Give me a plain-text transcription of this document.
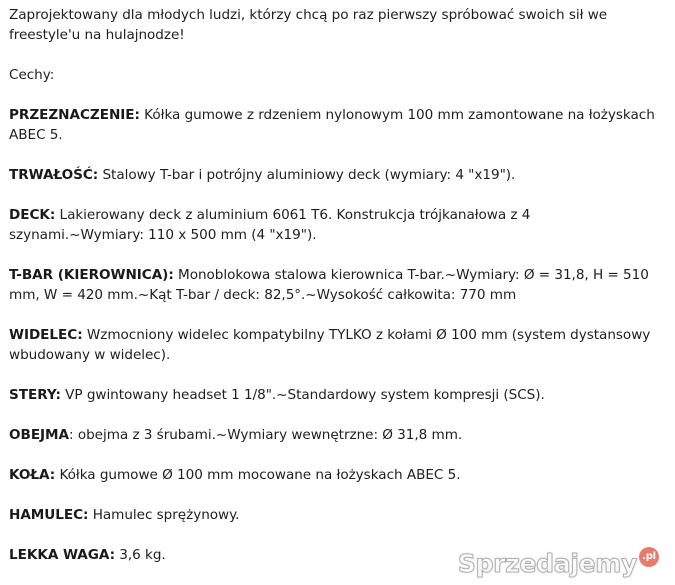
Zaprojektowany dla młodych ludzi, którzy chcą po raz pierwszy spróbować swoich sił we freestyle'u na hulajnodze!

Cechy:

PRZEZNACZENIE: Kółka gumowe z rdzeniem nylonowym 100 mm zamontowane na łożyskach ABEC 5.

TRWAŁOŚĆ: Stalowy T-bar i potrójny aluminiowy deck (wymiary: 4 "x19").

DECK: Lakierowany deck z aluminium 6061 T6. Konstrukcja trójkanałowa z 4 szynami.~Wymiary: 110 x 500 mm (4 "x19").

T-BAR (KIEROWNICA): Monoblokowa stalowa kierownica T-bar.~Wymiary: Ø = 31,8, H = 510 mm, W = 420 mm.~Kąt T-bar / deck: 82,5°.~Wysokość całkowita: 770 mm

WIDELEC: Wzmocniony widelec kompatybilny TYLKO z kołami Ø 100 mm (system dystansowy wbudowany w widelec).

STERY: VP gwintowany headset 1 1/8".~Standardowy system kompresji (SCS).

OBEJMA: obejma z 3 śrubami.~Wymiary wewnętrzne: Ø 31,8 mm.

KOŁA: Kółka gumowe Ø 100 mm mocowane na łożyskach ABEC 5.

HAMULEC: Hamulec sprężynowy.

LEKKA WAGA: 3,6 kg.	Sprzedajemy .pl
